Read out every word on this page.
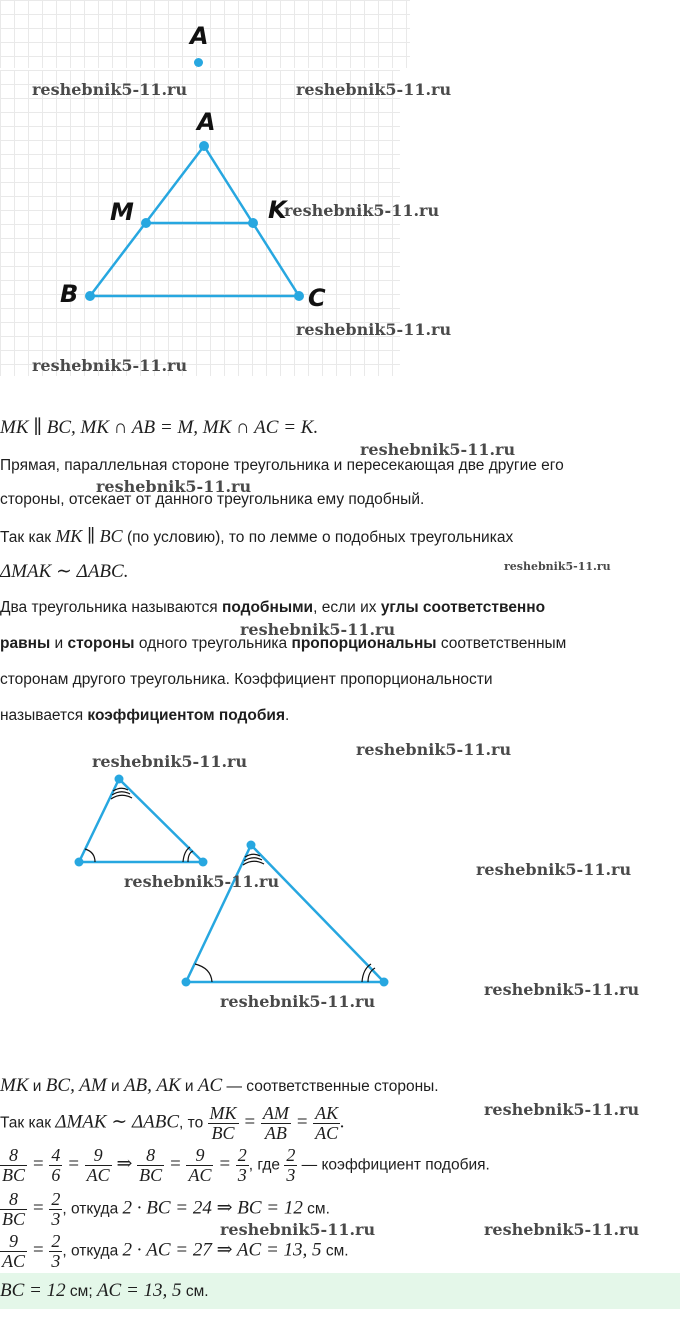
A
A
M	K
B	C
reshebnik5-11.ru	reshebnik5-11.ru
reshebnik5-11.ru
reshebnik5-11.ru
reshebnik5-11.ru
MK ∥ BC, MK ∩ AB = M, MK ∩ AC = K.
reshebnik5-11.ru
Прямая, параллельная стороне треугольника и пересекающая две другие его
reshebnik5-11.ru
стороны, отсекает от данного треугольника ему подобный.
Так как MK ∥ BC (по условию), то по лемме о подобных треугольниках
ΔMAK ∼ ΔABC.	reshebnik5-11.ru
Два треугольника называются подобными, если их углы соответственно
reshebnik5-11.ru
равны и стороны одного треугольника пропорциональны соответственным
сторонам другого треугольника. Коэффициент пропорциональности
называется коэффициентом подобия.
reshebnik5-11.ru
reshebnik5-11.ru
reshebnik5-11.ru
reshebnik5-11.ru
reshebnik5-11.ru
reshebnik5-11.ru
MK и BC, AM и AB, AK и AC — соответственные стороны.
Так как ΔMAK ∼ ΔABC, то $\frac{MK}{BC} = \frac{AM}{AB} = \frac{AK}{AC}$ .
reshebnik5-11.ru
$\frac{8}{BC} = \frac{4}{6} = \frac{9}{AC}$ ⇒ $\frac{8}{BC} = \frac{9}{AC} = \frac{2}{3}$ , где $\frac{2}{3}$ — коэффициент подобия.
$\frac{8}{BC} = \frac{2}{3}$ , откуда 2 · BC = 24 ⇒ BC = 12 см.
reshebnik5-11.ru	reshebnik5-11.ru
$\frac{9}{AC} = \frac{2}{3}$ , откуда 2 · AC = 27 ⇒ AC = 13, 5 см.
BC = 12 см; AC = 13, 5 см.
